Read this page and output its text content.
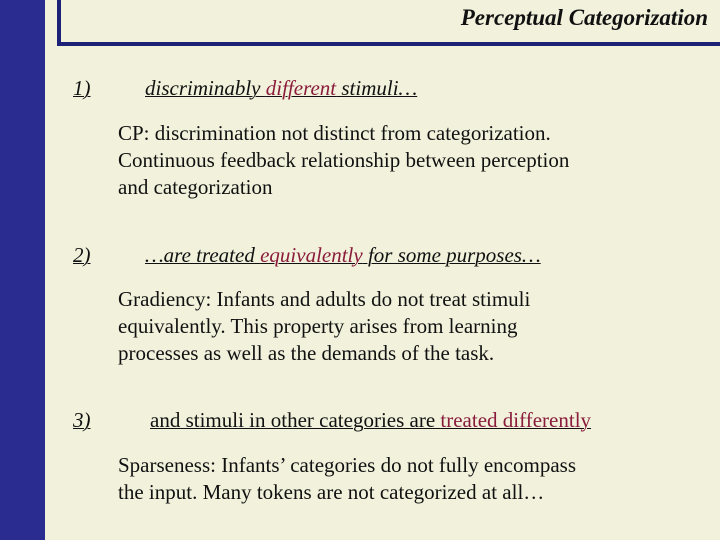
Perceptual Categorization
1)	discriminably different stimuli…
CP: discrimination not distinct from categorization.
Continuous feedback relationship between perception
and categorization
2)	…are treated equivalently for some purposes…
Gradiency: Infants and adults do not treat stimuli
equivalently. This property arises from learning
processes as well as the demands of the task.
3)	and stimuli in other categories are treated differently
Sparseness: Infants’ categories do not fully encompass
the input. Many tokens are not categorized at all…
